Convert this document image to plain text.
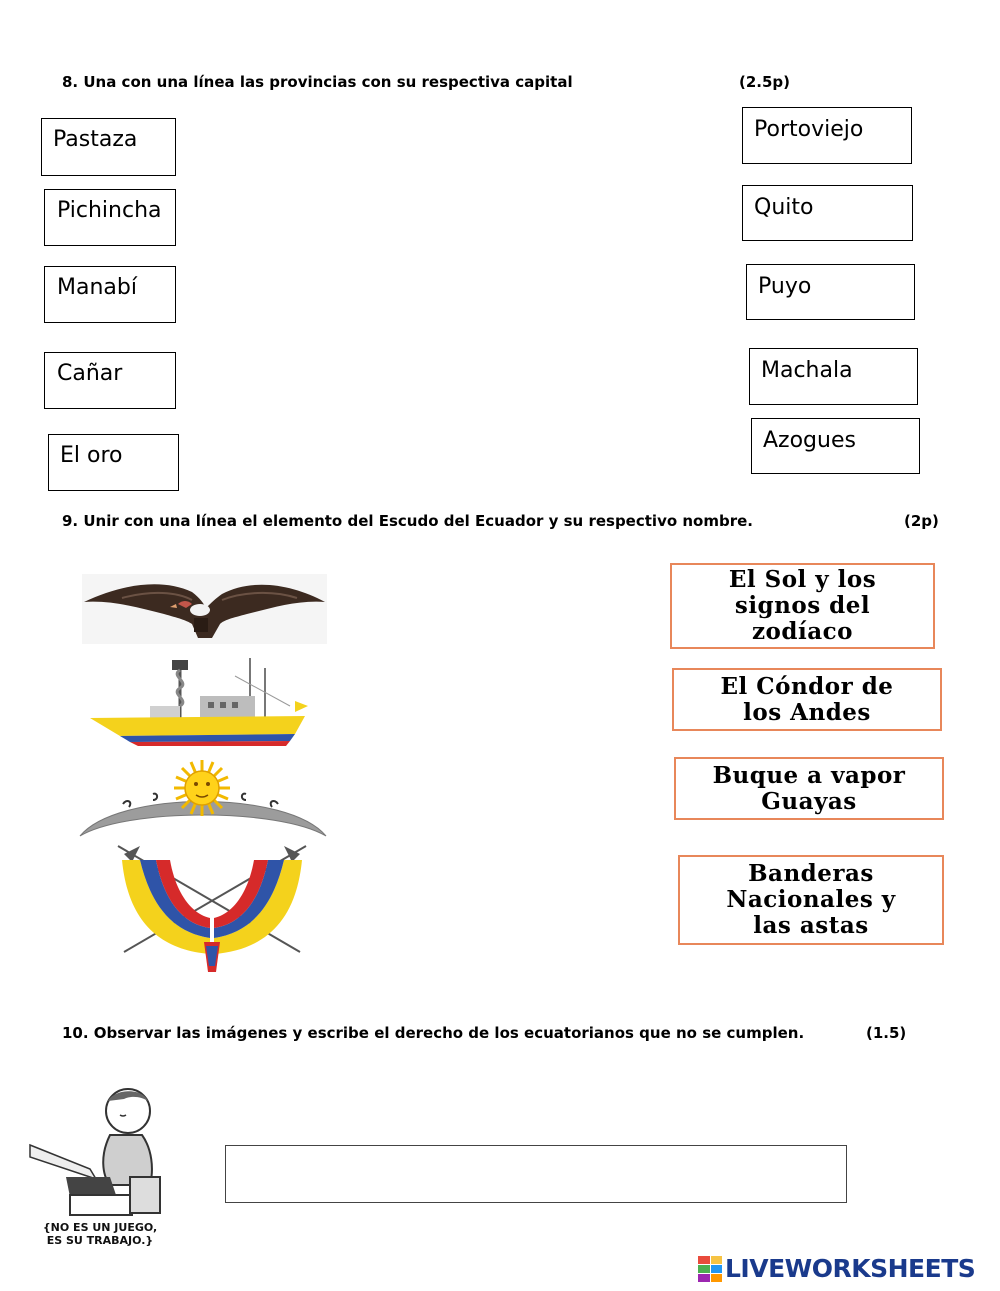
8. Una con una línea las provincias con su respectiva capital	(2.5p)
Pastaza
Pichincha
Manabí
Cañar
El oro
Portoviejo
Quito
Puyo
Machala
Azogues
9. Unir con una línea el elemento del Escudo del Ecuador y su respectivo nombre.	(2p)
El Sol y los
signos del
zodíaco
El Cóndor de
los Andes
Buque a vapor
Guayas
Banderas
Nacionales y
las astas
10. Observar las imágenes y escribe el derecho de los ecuatorianos que no se cumplen.	(1.5)
{NO ES UN JUEGO,
ES SU TRABAJO.}
LIVEWORKSHEETS
